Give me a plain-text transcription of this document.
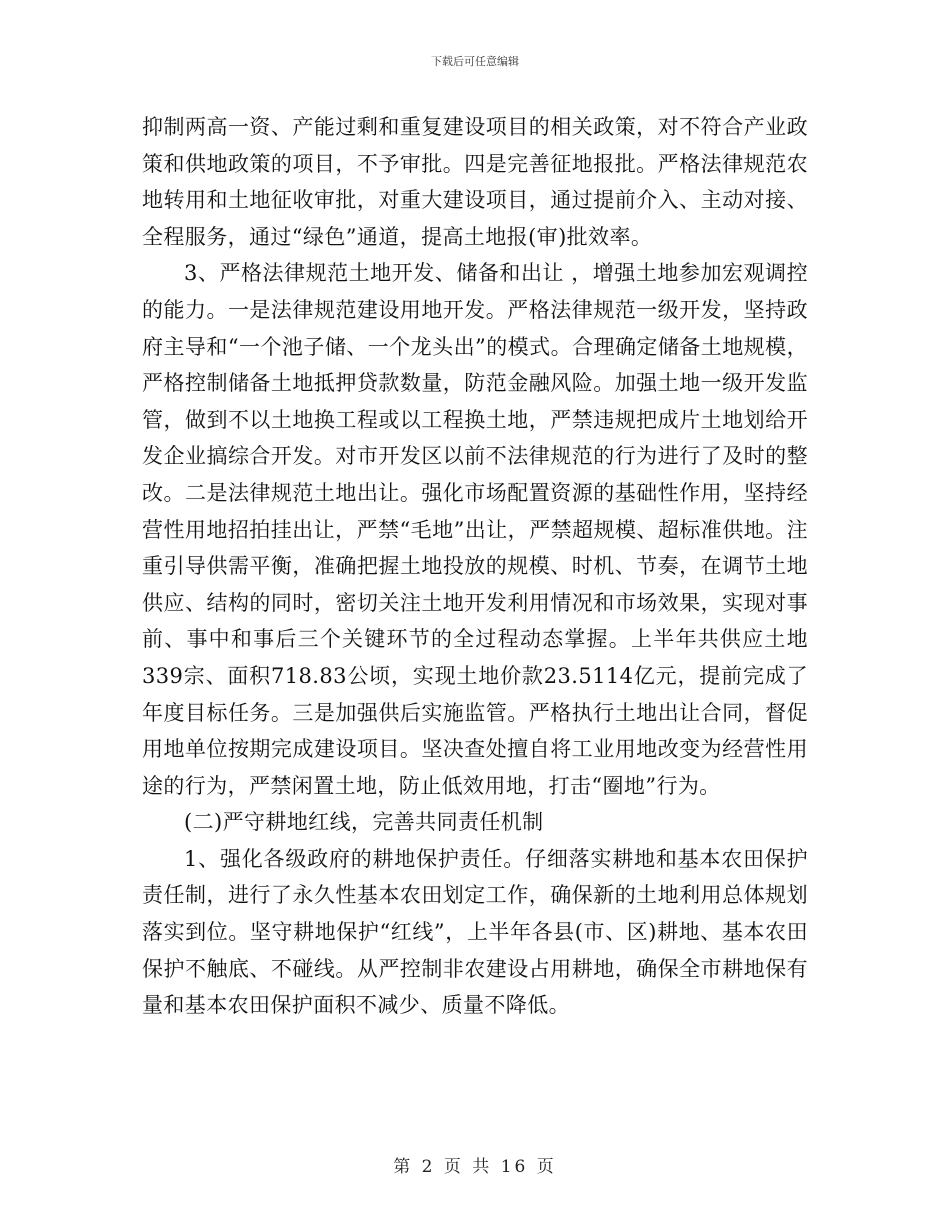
下载后可任意编辑

抑制两高一资、产能过剩和重复建设项目的相关政策，对不符合产业政策和供地政策的项目，不予审批。四是完善征地报批。严格法律规范农地转用和土地征收审批，对重大建设项目，通过提前介入、主动对接、全程服务，通过“绿色”通道，提高土地报(审)批效率。

3、严格法律规范土地开发、储备和出让 ，增强土地参加宏观调控的能力。一是法律规范建设用地开发。严格法律规范一级开发，坚持政府主导和“一个池子储、一个龙头出”的模式。合理确定储备土地规模，严格控制储备土地抵押贷款数量，防范金融风险。加强土地一级开发监管，做到不以土地换工程或以工程换土地，严禁违规把成片土地划给开发企业搞综合开发。对市开发区以前不法律规范的行为进行了及时的整改。二是法律规范土地出让。强化市场配置资源的基础性作用，坚持经营性用地招拍挂出让，严禁“毛地”出让，严禁超规模、超标准供地。注重引导供需平衡，准确把握土地投放的规模、时机、节奏，在调节土地供应、结构的同时，密切关注土地开发利用情况和市场效果，实现对事前、事中和事后三个关键环节的全过程动态掌握。上半年共供应土地339宗、面积718.83公顷，实现土地价款23.5114亿元，提前完成了年度目标任务。三是加强供后实施监管。严格执行土地出让合同，督促用地单位按期完成建设项目。坚决查处擅自将工业用地改变为经营性用途的行为，严禁闲置土地，防止低效用地，打击“圈地”行为。

(二)严守耕地红线，完善共同责任机制

1、强化各级政府的耕地保护责任。仔细落实耕地和基本农田保护责任制，进行了永久性基本农田划定工作，确保新的土地利用总体规划落实到位。坚守耕地保护“红线”，上半年各县(市、区)耕地、基本农田保护不触底、不碰线。从严控制非农建设占用耕地，确保全市耕地保有量和基本农田保护面积不减少、质量不降低。

第 2 页 共 16 页
